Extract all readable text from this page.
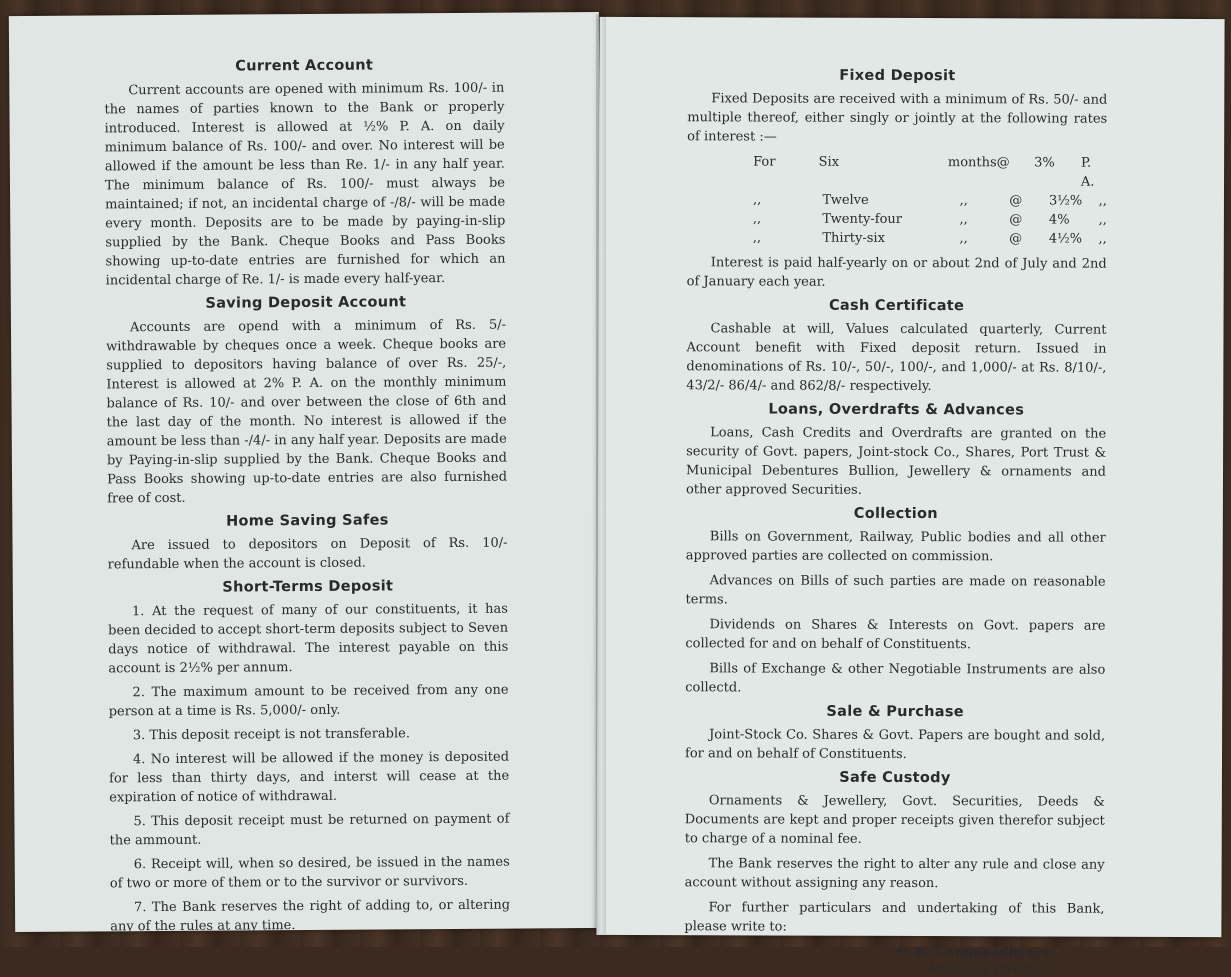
Current Account

Current accounts are opened with minimum Rs. 100/- in the names of parties known to the Bank or properly introduced. Interest is allowed at ½% P. A. on daily minimum balance of Rs. 100/- and over. No interest will be allowed if the amount be less than Re. 1/- in any half year. The minimum balance of Rs. 100/- must always be maintained; if not, an incidental charge of -/8/- will be made every month. Deposits are to be made by paying-in-slip supplied by the Bank. Cheque Books and Pass Books showing up-to-date entries are furnished for which an incidental charge of Re. 1/- is made every half-year.

Saving Deposit Account

Accounts are opend with a minimum of Rs. 5/- withdrawable by cheques once a week. Cheque books are supplied to depositors having balance of over Rs. 25/-, Interest is allowed at 2% P. A. on the monthly minimum balance of Rs. 10/- and over between the close of 6th and the last day of the month. No interest is allowed if the amount be less than -/4/- in any half year. Deposits are made by Paying-in-slip supplied by the Bank. Cheque Books and Pass Books showing up-to-date entries are also furnished free of cost.

Home Saving Safes

Are issued to depositors on Deposit of Rs. 10/- refundable when the account is closed.

Short-Terms Deposit

1. At the request of many of our constituents, it has been decided to accept short-term deposits subject to Seven days notice of withdrawal. The interest payable on this account is 2½% per annum.

2. The maximum amount to be received from any one person at a time is Rs. 5,000/- only.

3. This deposit receipt is not transferable.

4. No interest will be allowed if the money is deposited for less than thirty days, and interst will cease at the expiration of notice of withdrawal.

5. This deposit receipt must be returned on payment of the ammount.

6. Receipt will, when so desired, be issued in the names of two or more of them or to the survivor or survivors.

7. The Bank reserves the right of adding to, or altering any of the rules at any time.

Fixed Deposit

Fixed Deposits are received with a minimum of Rs. 50/- and multiple thereof, either singly or jointly at the following rates of interest :—

For	Six	months @	3%	P. A.
,,	Twelve	,,	@	3½%	,,
,,	Twenty-four	,,	@	4%	,,
,,	Thirty-six	,,	@	4½%	,,

Interest is paid half-yearly on or about 2nd of July and 2nd of January each year.

Cash Certificate

Cashable at will, Values calculated quarterly, Current Account benefit with Fixed deposit return. Issued in denominations of Rs. 10/-, 50/-, 100/-, and 1,000/- at Rs. 8/10/-, 43/2/- 86/4/- and 862/8/- respectively.

Loans, Overdrafts & Advances

Loans, Cash Credits and Overdrafts are granted on the security of Govt. papers, Joint-stock Co., Shares, Port Trust & Municipal Debentures Bullion, Jewellery & ornaments and other approved Securities.

Collection

Bills on Government, Railway, Public bodies and all other approved parties are collected on commission.

Advances on Bills of such parties are made on reasonable terms.

Dividends on Shares & Interests on Govt. papers are collected for and on behalf of Constituents.

Bills of Exchange & other Negotiable Instruments are also collectd.

Sale & Purchase

Joint-Stock Co. Shares & Govt. Papers are bought and sold, for and on behalf of Constituents.

Safe Custody

Ornaments & Jewellery, Govt. Securities, Deeds & Documents are kept and proper receipts given therefor subject to charge of a nominal fee.

The Bank reserves the right to alter any rule and close any account without assigning any reason.

For further particulars and undertaking of this Bank, please write to:

S. K. Gangopadhyaya,
Managing Director
